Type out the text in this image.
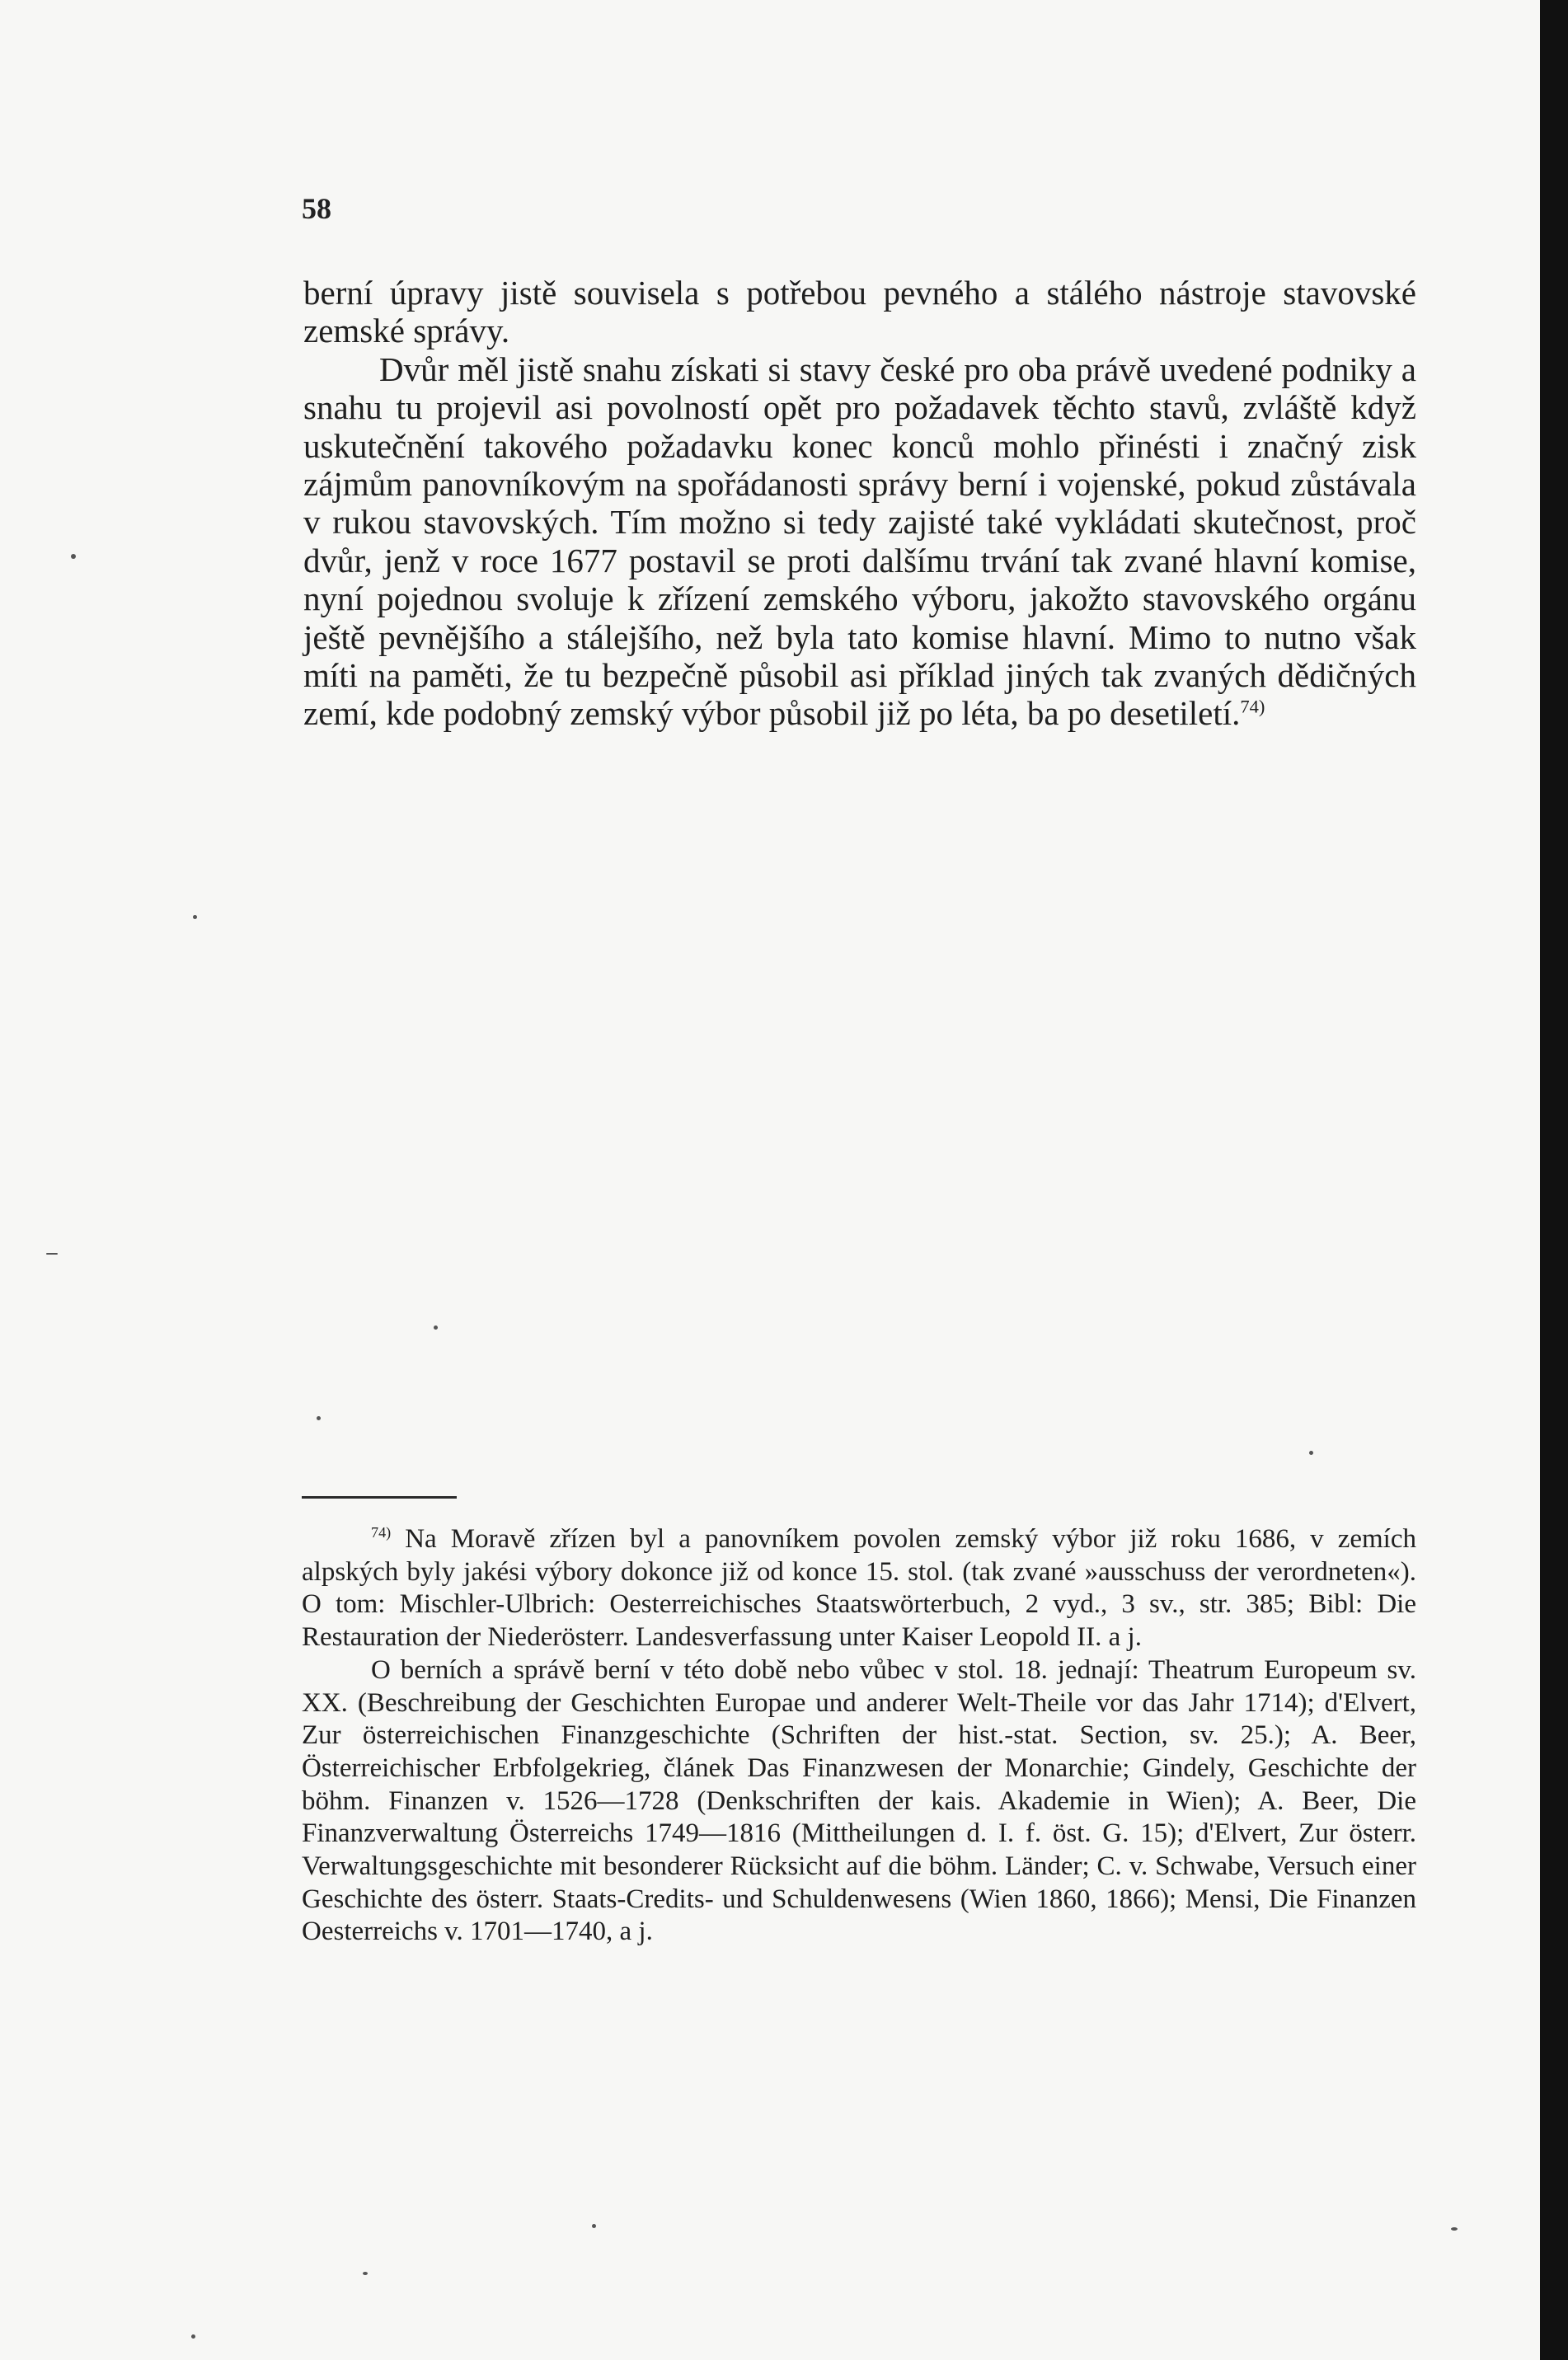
58

berní úpravy jistě souvisela s potřebou pevného a stálého nástroje stavovské zemské správy.

Dvůr měl jistě snahu získati si stavy české pro oba právě uvedené podniky a snahu tu projevil asi povolností opět pro požadavek těchto stavů, zvláště když uskutečnění takového požadavku konec konců mohlo přinésti i značný zisk zájmům panovníkovým na spořádanosti správy berní i vojenské, pokud zůstávala v rukou stavovských. Tím možno si tedy zajisté také vykládati skutečnost, proč dvůr, jenž v roce 1677 postavil se proti dalšímu trvání tak zvané hlavní komise, nyní pojednou svoluje k zřízení zemského výboru, jakožto stavovského orgánu ještě pevnějšího a stálejšího, než byla tato komise hlavní. Mimo to nutno však míti na paměti, že tu bezpečně působil asi příklad jiných tak zvaných dědičných zemí, kde podobný zemský výbor působil již po léta, ba po desetiletí.$^{74)}$

$^{74)}$ Na Moravě zřízen byl a panovníkem povolen zemský výbor již roku 1686, v zemích alpských byly jakési výbory dokonce již od konce 15. stol. (tak zvané »ausschuss der verordneten«). O tom: Mischler-Ulbrich: Oesterreichisches Staatswörterbuch, 2 vyd., 3 sv., str. 385; Bibl: Die Restauration der Niederösterr. Landesverfassung unter Kaiser Leopold II. a j.

O berních a správě berní v této době nebo vůbec v stol. 18. jednají: Theatrum Europeum sv. XX. (Beschreibung der Geschichten Europae und anderer Welt-Theile vor das Jahr 1714); d'Elvert, Zur österreichischen Finanzgeschichte (Schriften der hist.-stat. Section, sv. 25.); A. Beer, Österreichischer Erbfolgekrieg, článek Das Finanzwesen der Monarchie; Gindely, Geschichte der böhm. Finanzen v. 1526—1728 (Denkschriften der kais. Akademie in Wien); A. Beer, Die Finanzverwaltung Österreichs 1749—1816 (Mittheilungen d. I. f. öst. G. 15); d'Elvert, Zur österr. Verwaltungsgeschichte mit besonderer Rücksicht auf die böhm. Länder; C. v. Schwabe, Versuch einer Geschichte des österr. Staats-Credits- und Schuldenwesens (Wien 1860, 1866); Mensi, Die Finanzen Oesterreichs v. 1701—1740, a j.
